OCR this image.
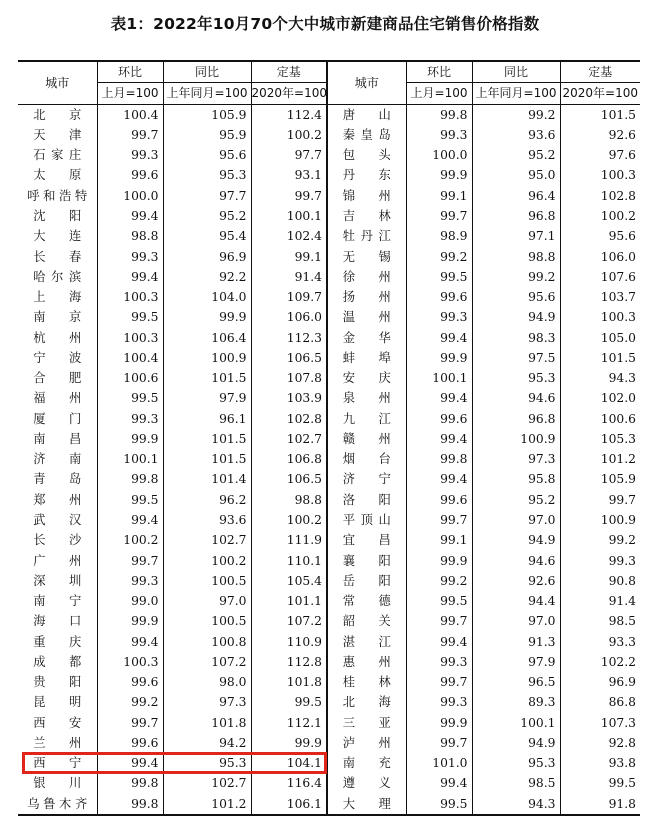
表1：2022年10月70个大中城市新建商品住宅销售价格指数
城市	环比	同比	定基	城市	环比	同比	定基
	上月=100	上年同月=100	2020年=100		上月=100	上年同月=100	2020年=100
北京	100.4	105.9	112.4	唐山	99.8	99.2	101.5
天津	99.7	95.9	100.2	秦皇岛	99.3	93.6	92.6
石家庄	99.3	95.6	97.7	包头	100.0	95.2	97.6
太原	99.6	95.3	93.1	丹东	99.9	95.0	100.3
呼和浩特	100.0	97.7	99.7	锦州	99.1	96.4	102.8
沈阳	99.4	95.2	100.1	吉林	99.7	96.8	100.2
大连	98.8	95.4	102.4	牡丹江	98.9	97.1	95.6
长春	99.3	96.9	99.1	无锡	99.2	98.8	106.0
哈尔滨	99.4	92.2	91.4	徐州	99.5	99.2	107.6
上海	100.3	104.0	109.7	扬州	99.6	95.6	103.7
南京	99.5	99.9	106.0	温州	99.3	94.9	100.3
杭州	100.3	106.4	112.3	金华	99.4	98.3	105.0
宁波	100.4	100.9	106.5	蚌埠	99.9	97.5	101.5
合肥	100.6	101.5	107.8	安庆	100.1	95.3	94.3
福州	99.5	97.9	103.9	泉州	99.4	94.6	102.0
厦门	99.3	96.1	102.8	九江	99.6	96.8	100.6
南昌	99.9	101.5	102.7	赣州	99.4	100.9	105.3
济南	100.1	101.5	106.8	烟台	99.8	97.3	101.2
青岛	99.8	101.4	106.5	济宁	99.4	95.8	105.9
郑州	99.5	96.2	98.8	洛阳	99.6	95.2	99.7
武汉	99.4	93.6	100.2	平顶山	99.7	97.0	100.9
长沙	100.2	102.7	111.9	宜昌	99.1	94.9	99.2
广州	99.7	100.2	110.1	襄阳	99.9	94.6	99.3
深圳	99.3	100.5	105.4	岳阳	99.2	92.6	90.8
南宁	99.0	97.0	101.1	常德	99.5	94.4	91.4
海口	99.9	100.5	107.2	韶关	99.7	97.0	98.5
重庆	99.4	100.8	110.9	湛江	99.4	91.3	93.3
成都	100.3	107.2	112.8	惠州	99.3	97.9	102.2
贵阳	99.6	98.0	101.8	桂林	99.7	96.5	96.9
昆明	99.2	97.3	99.5	北海	99.3	89.3	86.8
西安	99.7	101.8	112.1	三亚	99.9	100.1	107.3
兰州	99.6	94.2	99.9	泸州	99.7	94.9	92.8
西宁	99.4	95.3	104.1	南充	101.0	95.3	93.8
银川	99.8	102.7	116.4	遵义	99.4	98.5	99.5
乌鲁木齐	99.8	101.2	106.1	大理	99.5	94.3	91.8
